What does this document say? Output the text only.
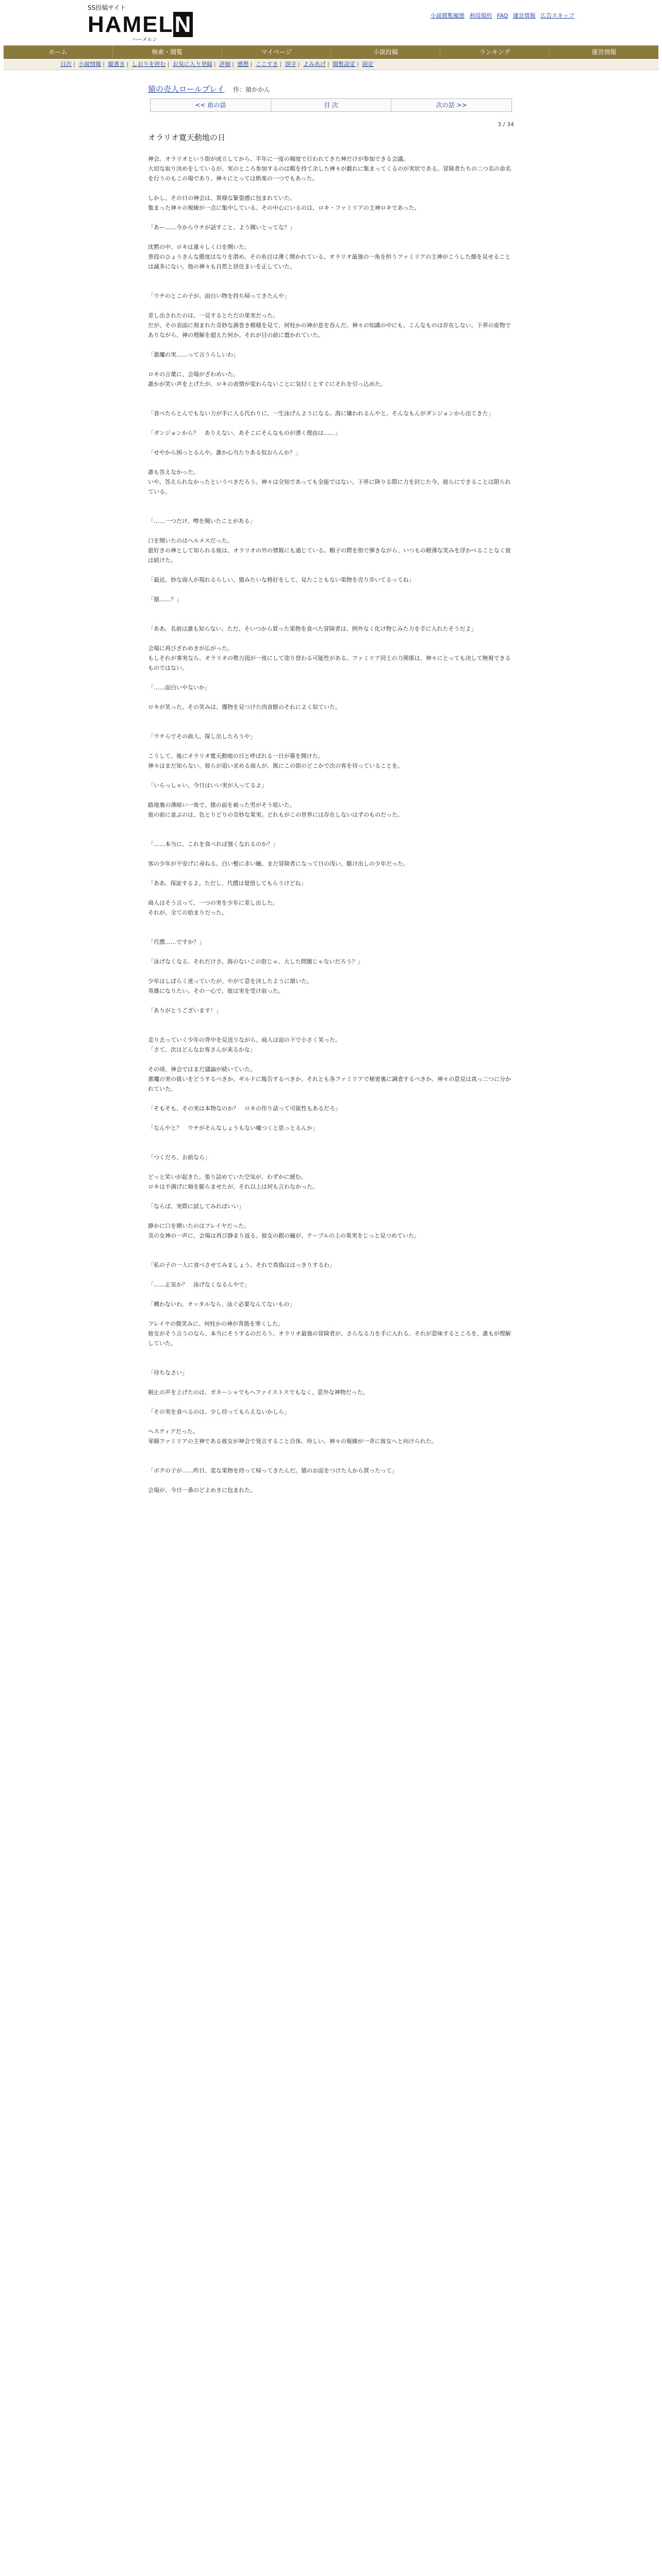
SS投稿サイト
HAMELN
ハーメルン
小説閲覧履歴 利用規約 FAQ 運営情報 広告スキップ
ホーム	検索・閲覧	マイページ	小説投稿	ランキング	運営情報
目次 | 小説情報 | 縦書き | しおりを挟む | お気に入り登録 | 評価 | 感想 | ここすき | 誤字 | よみあげ | 閲覧設定 | 固定
猿の売人ロールプレイ 作：猿かかん
<< 前の話	目 次	次の話 >>
3 / 34
オラリオ寛天動地の日

神会。オラリオという街が成立してから、半年に一度の頻度で行われてきた神だけが参加できる会議。
大切な取り決めをしているが、実のところ参加するのは暇を持て余した神々が戯れに集まってくるのが実状である。冒険者たちの二つ名の命名を行うのもこの場であり、神々にとっては娯楽の一つでもあった。

しかし、その日の神会は、異様な緊張感に包まれていた。
集まった神々の視線が一点に集中している。その中心にいるのは、ロキ・ファミリアの主神ロキであった。

「あー……今からウチが話すこと、よう聞いとってな？」

沈黙の中、ロキは重々しく口を開いた。
普段のひょうきんな態度はなりを潜め、その糸目は薄く開かれている。オラリオ最強の一角を担うファミリアの主神がこうした顔を見せることは滅多にない。他の神々も自然と居住まいを正していた。

「ウチのとこの子が、面白い物を持ち帰ってきたんや」

差し出されたのは、一見するとただの果実だった。
だが、その表面に刻まれた奇妙な渦巻き模様を見て、何柱かの神が息を呑んだ。神々の知識の中にも、こんなものは存在しない。下界の産物でありながら、神の理解を超えた何か。それが目の前に置かれていた。

「悪魔の実……って言うらしいわ」

ロキの言葉に、会場がざわめいた。
誰かが笑い声を上げたが、ロキの表情が変わらないことに気付くとすぐにそれを引っ込めた。

「食べたらとんでもない力が手に入る代わりに、一生泳げんようになる。海に嫌われるんやと。そんなもんがダンジョンから出てきた」

「ダンジョンから？　ありえない、あそこにそんなものが湧く理由は……」

「せやから困っとるんや。誰か心当たりある奴おらんか？」

誰も答えなかった。
いや、答えられなかったというべきだろう。神々は全知であっても全能ではない。下界に降りる際に力を封じた今、彼らにできることは限られている。

「……一つだけ、噂を聞いたことがある」

口を開いたのはヘルメスだった。
旅好きの神として知られる彼は、オラリオの外の情報にも通じている。帽子の鍔を指で弾きながら、いつもの軽薄な笑みを浮かべることなく彼は続けた。

「最近、妙な商人が現れるらしい。猿みたいな格好をして、見たこともない果物を売り歩いてるってね」

「猿……？」

「ああ。名前は誰も知らない。ただ、そいつから買った果物を食べた冒険者は、例外なく化け物じみた力を手に入れたそうだよ」

会場に再びざわめきが広がった。
もしそれが事実なら、オラリオの勢力図が一夜にして塗り替わる可能性がある。ファミリア同士の力関係は、神々にとっても決して無視できるものではない。

「……面白いやないか」

ロキが笑った。その笑みは、獲物を見つけた肉食獣のそれによく似ていた。

「ウチらでその商人、探し出したろうや」

こうして、後にオラリオ寛天動地の日と呼ばれる一日が幕を開けた。
神々はまだ知らない。彼らが追い求める商人が、既にこの街のどこかで次の客を待っていることを。

「いらっしゃい。今日はいい実が入ってるよ」

路地裏の薄暗い一角で、猿の面を被った男がそう呟いた。
彼の前に並ぶのは、色とりどりの奇妙な果実。どれもがこの世界には存在しないはずのものだった。

「……本当に、これを食べれば強くなれるのか？」

客の少年が不安げに尋ねる。白い髪に赤い瞳。まだ冒険者になって日の浅い、駆け出しの少年だった。

「ああ、保証するよ。ただし、代償は覚悟してもらうけどね」

商人はそう言って、一つの実を少年に差し出した。
それが、全ての始まりだった。

「代償……ですか？」

「泳げなくなる。それだけさ。海のないこの街じゃ、大した問題じゃないだろう？」

少年はしばらく迷っていたが、やがて意を決したように頷いた。
英雄になりたい。その一心で、彼は実を受け取った。

「ありがとうございます！」

走り去っていく少年の背中を見送りながら、商人は面の下で小さく笑った。
「さて、次はどんなお客さんが来るかな」

その頃、神会ではまだ議論が続いていた。
悪魔の実の扱いをどうするべきか。ギルドに報告するべきか、それとも各ファミリアで秘密裏に調査するべきか。神々の意見は真っ二つに分かれていた。

「そもそも、その実は本物なのか？　ロキの作り話って可能性もあるだろ」

「なんやと？　ウチがそんなしょうもない嘘つくと思っとるんか」

「つくだろ、お前なら」

どっと笑いが起きた。張り詰めていた空気が、わずかに緩む。
ロキは不満げに頬を膨らませたが、それ以上は何も言わなかった。

「ならば、実際に試してみればいい」

静かに口を開いたのはフレイヤだった。
美の女神の一声に、会場は再び静まり返る。彼女の銀の瞳が、テーブルの上の果実をじっと見つめていた。

「私の子の一人に食べさせてみましょう。それで真偽ははっきりするわ」

「……正気か？　泳げなくなるんやで」

「構わないわ。オッタルなら、泳ぐ必要なんてないもの」

フレイヤの微笑みに、何柱かの神が背筋を寒くした。
彼女がそう言うのなら、本当にそうするのだろう。オラリオ最強の冒険者が、さらなる力を手に入れる。それが意味するところを、誰もが理解していた。

「待ちなさい」

制止の声を上げたのは、ガネーシャでもヘファイストスでもなく、意外な神物だった。

「その実を食べるのは、少し待ってもらえないかしら」

ヘスティアだった。
零細ファミリアの主神である彼女が神会で発言すること自体、珍しい。神々の視線が一斉に彼女へと向けられた。

「ボクの子が……昨日、変な果物を持って帰ってきたんだ。猿のお面をつけた人から買ったって」

会場が、今日一番のどよめきに包まれた。
